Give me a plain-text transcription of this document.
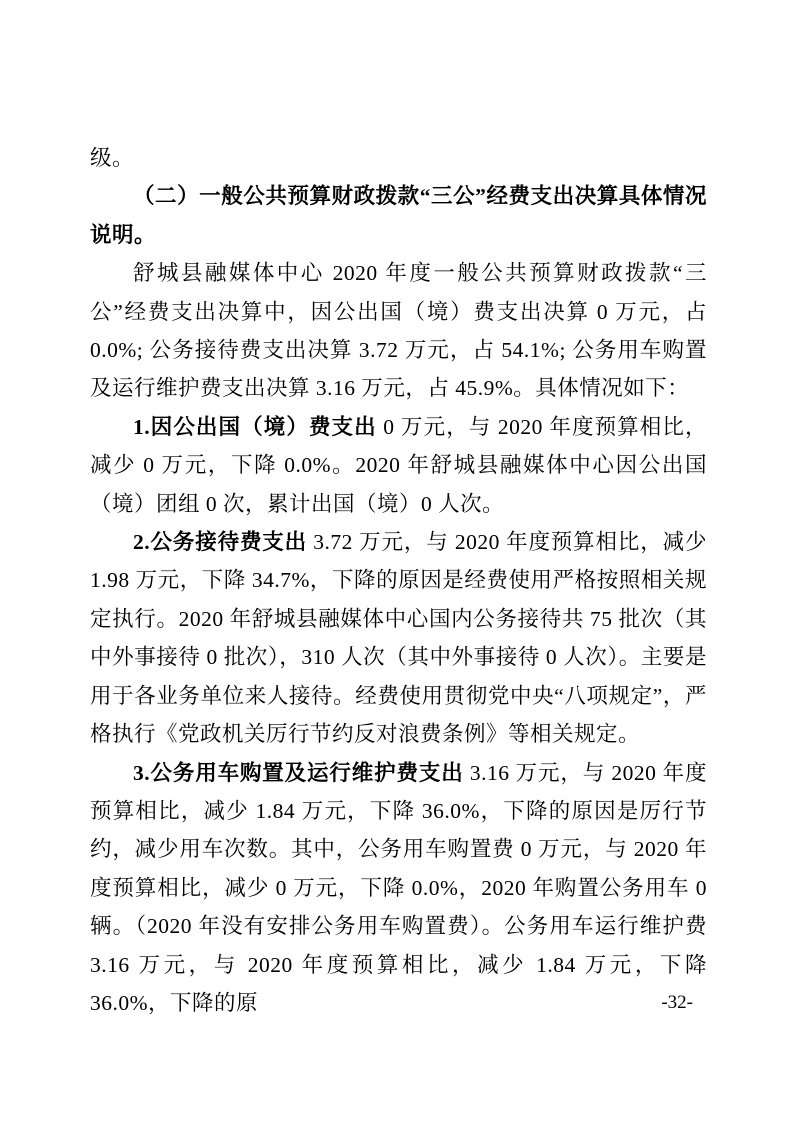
级。

（二）一般公共预算财政拨款“三公”经费支出决算具体情况说明。

舒城县融媒体中心 2020 年度一般公共预算财政拨款“三公”经费支出决算中，因公出国（境）费支出决算 0 万元，占 0.0%; 公务接待费支出决算 3.72 万元，占 54.1%; 公务用车购置及运行维护费支出决算 3.16 万元，占 45.9%。具体情况如下：

1.因公出国（境）费支出 0 万元，与 2020 年度预算相比，减少 0 万元，下降 0.0%。2020 年舒城县融媒体中心因公出国（境）团组 0 次，累计出国（境）0 人次。

2.公务接待费支出 3.72 万元，与 2020 年度预算相比，减少 1.98 万元，下降 34.7%，下降的原因是经费使用严格按照相关规定执行。2020 年舒城县融媒体中心国内公务接待共 75 批次（其中外事接待 0 批次），310 人次（其中外事接待 0 人次）。主要是用于各业务单位来人接待。经费使用贯彻党中央“八项规定”，严格执行《党政机关厉行节约反对浪费条例》等相关规定。

3.公务用车购置及运行维护费支出 3.16 万元，与 2020 年度预算相比，减少 1.84 万元，下降 36.0%，下降的原因是厉行节约，减少用车次数。其中，公务用车购置费 0 万元，与 2020 年度预算相比，减少 0 万元，下降 0.0%，2020 年购置公务用车 0 辆。（2020 年没有安排公务用车购置费）。公务用车运行维护费 3.16 万元，与 2020 年度预算相比，减少 1.84 万元，下降 36.0%，下降的原	-32-
